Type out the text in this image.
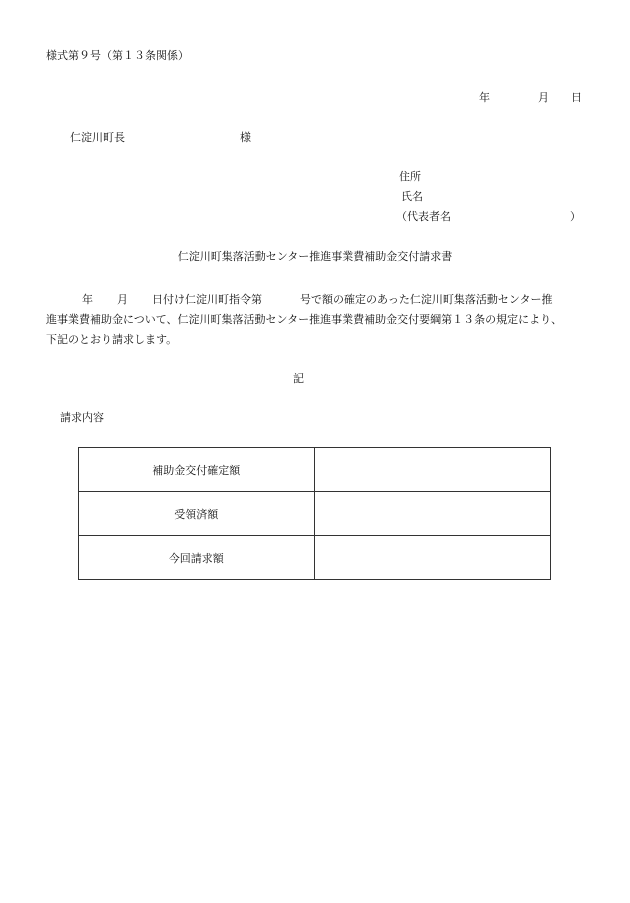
様式第９号（第１３条関係）
年	月 日
仁淀川町長	様
住所
氏名
（代表者名	）
仁淀川町集落活動センター推進事業費補助金交付請求書
年 月 日付け仁淀川町指令第	号で額の確定のあった仁淀川町集落活動センター推
進事業費補助金について、仁淀川町集落活動センター推進事業費補助金交付要綱第１３条の規定により、
下記のとおり請求します。
記
請求内容
補助金交付確定額	
受領済額	
今回請求額	
